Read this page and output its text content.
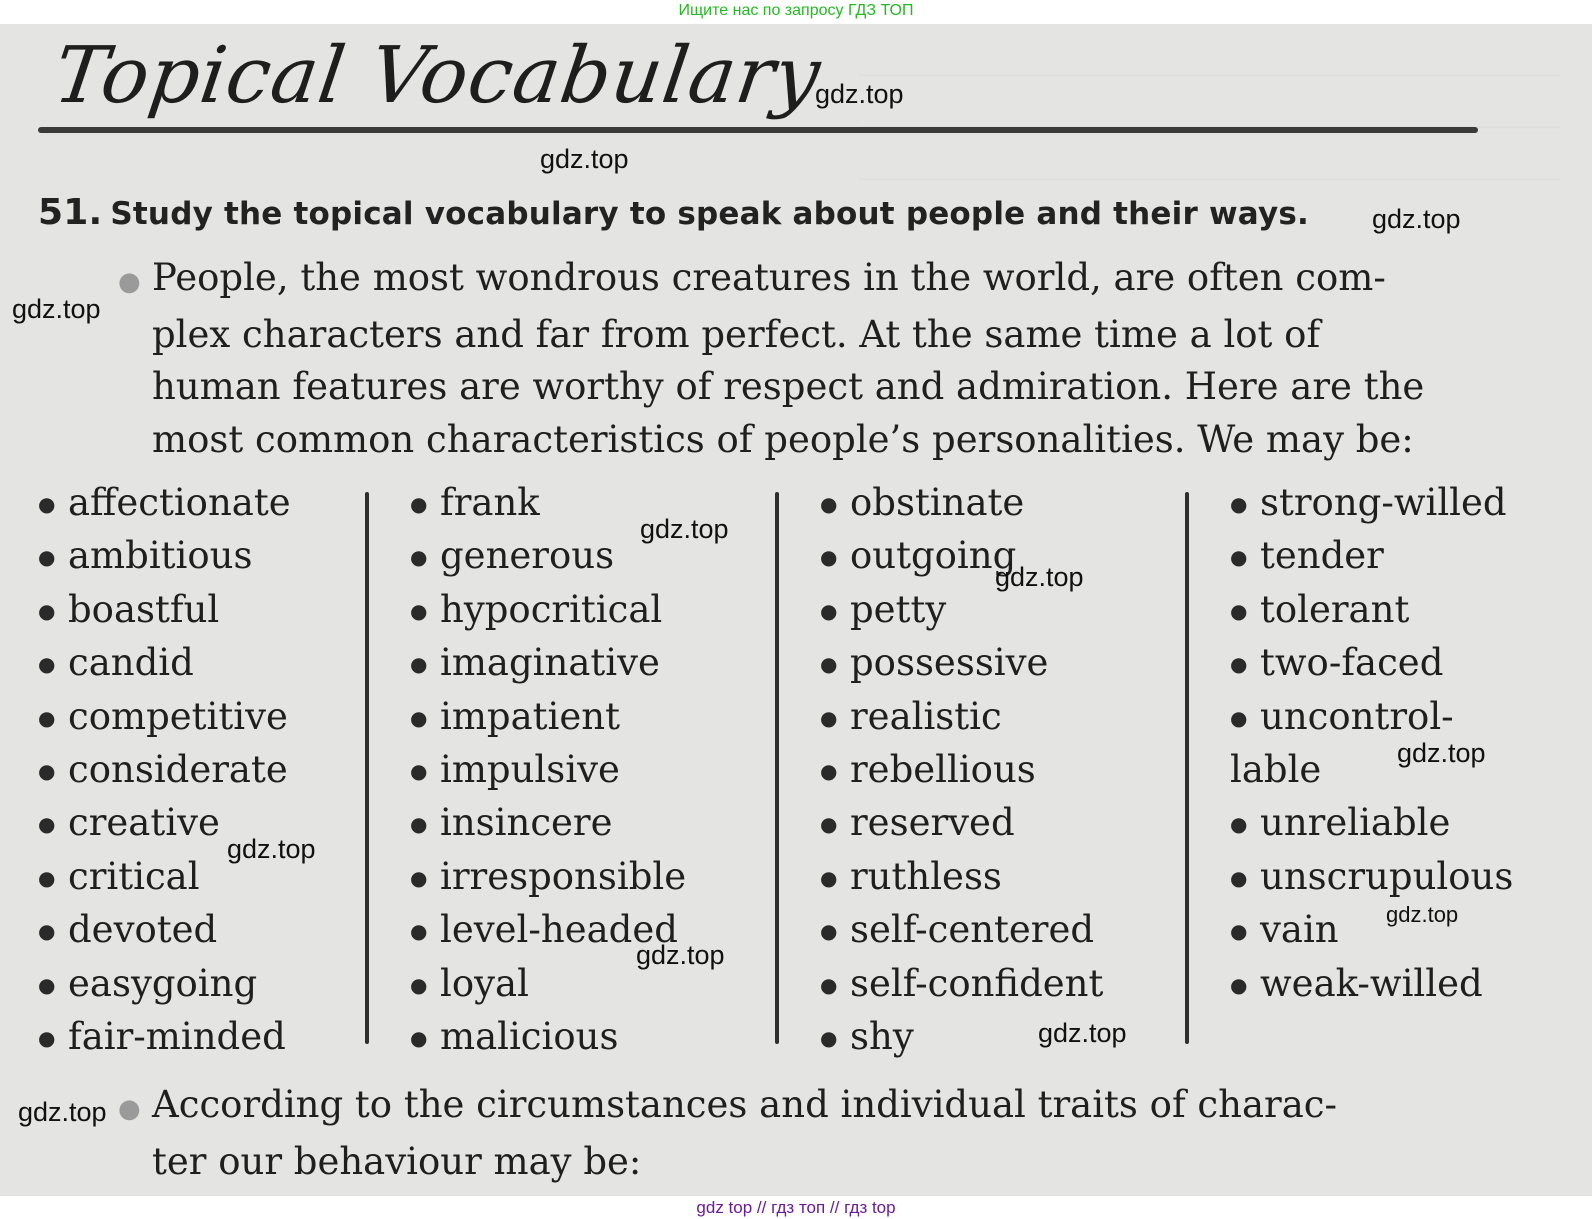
Ищите нас по запросу ГДЗ ТОП
Topical Vocabulary
51. Study the topical vocabulary to speak about people and their ways.

● People, the most wondrous creatures in the world, are often com-

plex characters and far from perfect. At the same time a lot of

human features are worthy of respect and admiration. Here are the

most common characteristics of people’s personalities. We may be:

● affectionate
● ambitious
● boastful
● candid
● competitive
● considerate
● creative
● critical
● devoted
● easygoing
● fair-minded
● frank
● generous
● hypocritical
● imaginative
● impatient
● impulsive
● insincere
● irresponsible
● level-headed
● loyal
● malicious
● obstinate
● outgoing
● petty
● possessive
● realistic
● rebellious
● reserved
● ruthless
● self-centered
● self-confident
● shy
● strong-willed
● tender
● tolerant
● two-faced
● uncontrol-
lable
● unreliable
● unscrupulous
● vain
● weak-willed

● According to the circumstances and individual traits of charac-

ter our behaviour may be:

gdz.top
gdz.top
gdz.top
gdz.top
gdz.top
gdz.top
gdz.top
gdz.top
gdz.top
gdz.top
gdz.top
gdz.top
gdz top // гдз топ // гдз top
